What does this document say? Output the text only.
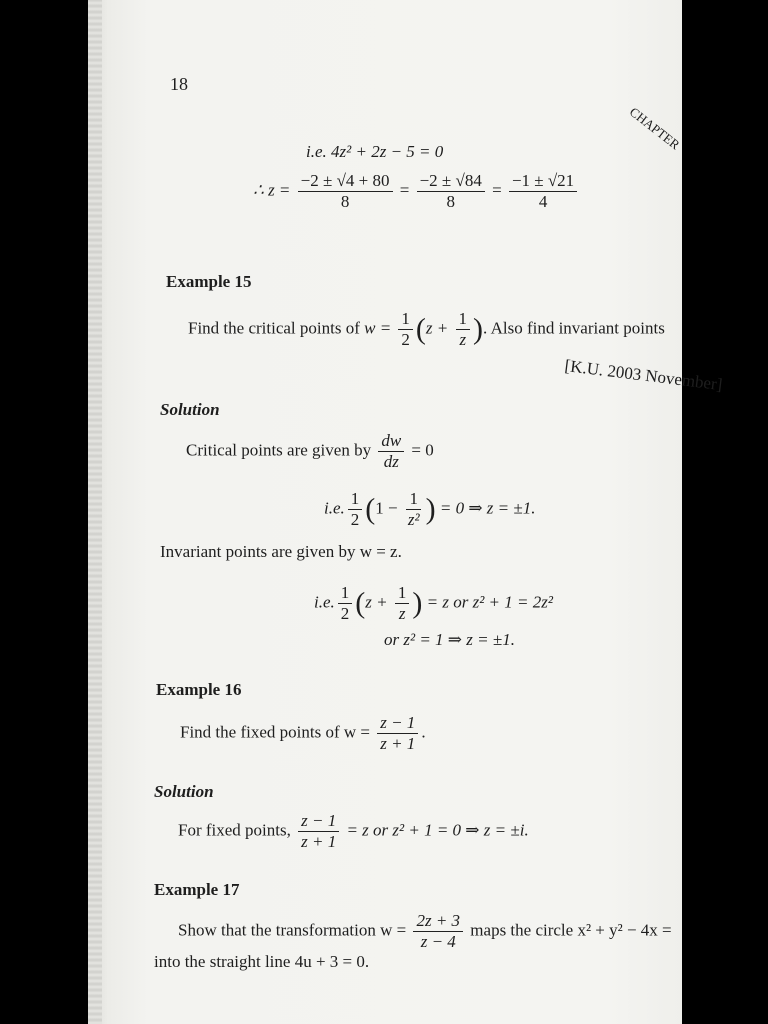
18
CHAPTER
i.e. 4z² + 2z − 5 = 0
∴ $z = \frac{-2 \pm √4 + 80}{8} = \frac{-2 \pm √84}{8} = \frac{-1 \pm √21}{4}$
Example 15
Find the critical points of $w = \frac{1}{2} (z + \frac{1}{z}$ ). Also find invariant points
[K.U. 2003 November]
Solution
Critical points are given by $\frac{dw}{dz} = 0$
i.e. $\frac{1}{2} (1 - \frac{1}{\text{z²}}$ ) = 0 ⇒ z = ±1.
Invariant points are given by w = z.
i.e. $\frac{1}{2} (z + \frac{1}{z}$ ) = z or z² + 1 = 2z²
or z² = 1 ⇒ z = ±1.
Example 16
Find the fixed points of $w = \frac{z - 1}{z + 1}$ .
Solution
For fixed points, $\frac{z - 1}{z + 1} = z$ or z² + 1 = 0 ⇒ z = ±i.
Example 17
Show that the transformation $w = \frac{2z + 3}{z - 4}$ maps the circle x² + y² − 4x =
into the straight line 4u + 3 = 0.
